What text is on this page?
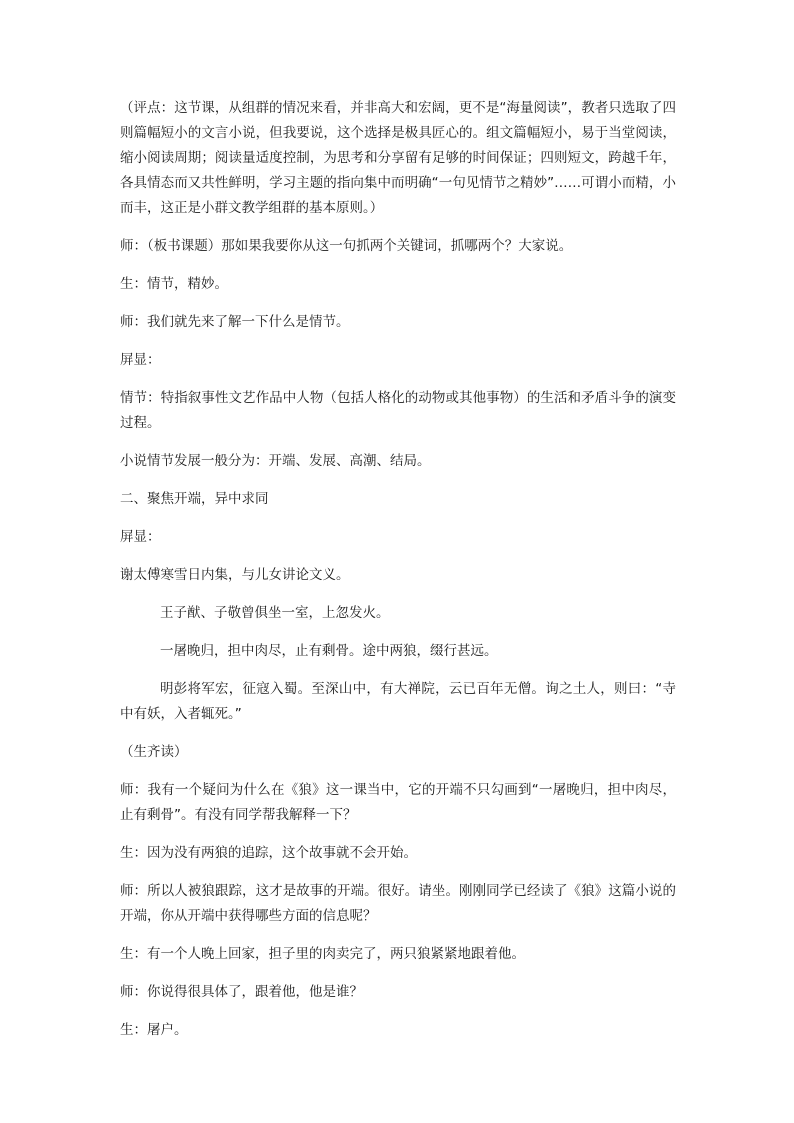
（评点：这节课，从组群的情况来看，并非高大和宏阔，更不是“海量阅读”，教者只选取了四则篇幅短小的文言小说，但我要说，这个选择是极具匠心的。组文篇幅短小，易于当堂阅读，缩小阅读周期；阅读量适度控制，为思考和分享留有足够的时间保证；四则短文，跨越千年，各具情态而又共性鲜明，学习主题的指向集中而明确“一句见情节之精妙”……可谓小而精，小而丰，这正是小群文教学组群的基本原则。）

师：（板书课题）那如果我要你从这一句抓两个关键词，抓哪两个？大家说。

生：情节，精妙。

师：我们就先来了解一下什么是情节。

屏显：

情节：特指叙事性文艺作品中人物（包括人格化的动物或其他事物）的生活和矛盾斗争的演变过程。

小说情节发展一般分为：开端、发展、高潮、结局。

二、聚焦开端，异中求同

屏显：

谢太傅寒雪日内集，与儿女讲论文义。

王子猷、子敬曾俱坐一室，上忽发火。

一屠晚归，担中肉尽，止有剩骨。途中两狼，缀行甚远。

明彭将军宏，征寇入蜀。至深山中，有大禅院，云已百年无僧。询之土人，则曰：“寺中有妖，入者辄死。”

（生齐读）

师：我有一个疑问为什么在《狼》这一课当中，它的开端不只勾画到“一屠晚归，担中肉尽，止有剩骨”。有没有同学帮我解释一下？

生：因为没有两狼的追踪，这个故事就不会开始。

师：所以人被狼跟踪，这才是故事的开端。很好。请坐。刚刚同学已经读了《狼》这篇小说的开端，你从开端中获得哪些方面的信息呢？

生：有一个人晚上回家，担子里的肉卖完了，两只狼紧紧地跟着他。

师：你说得很具体了，跟着他，他是谁？

生：屠户。
